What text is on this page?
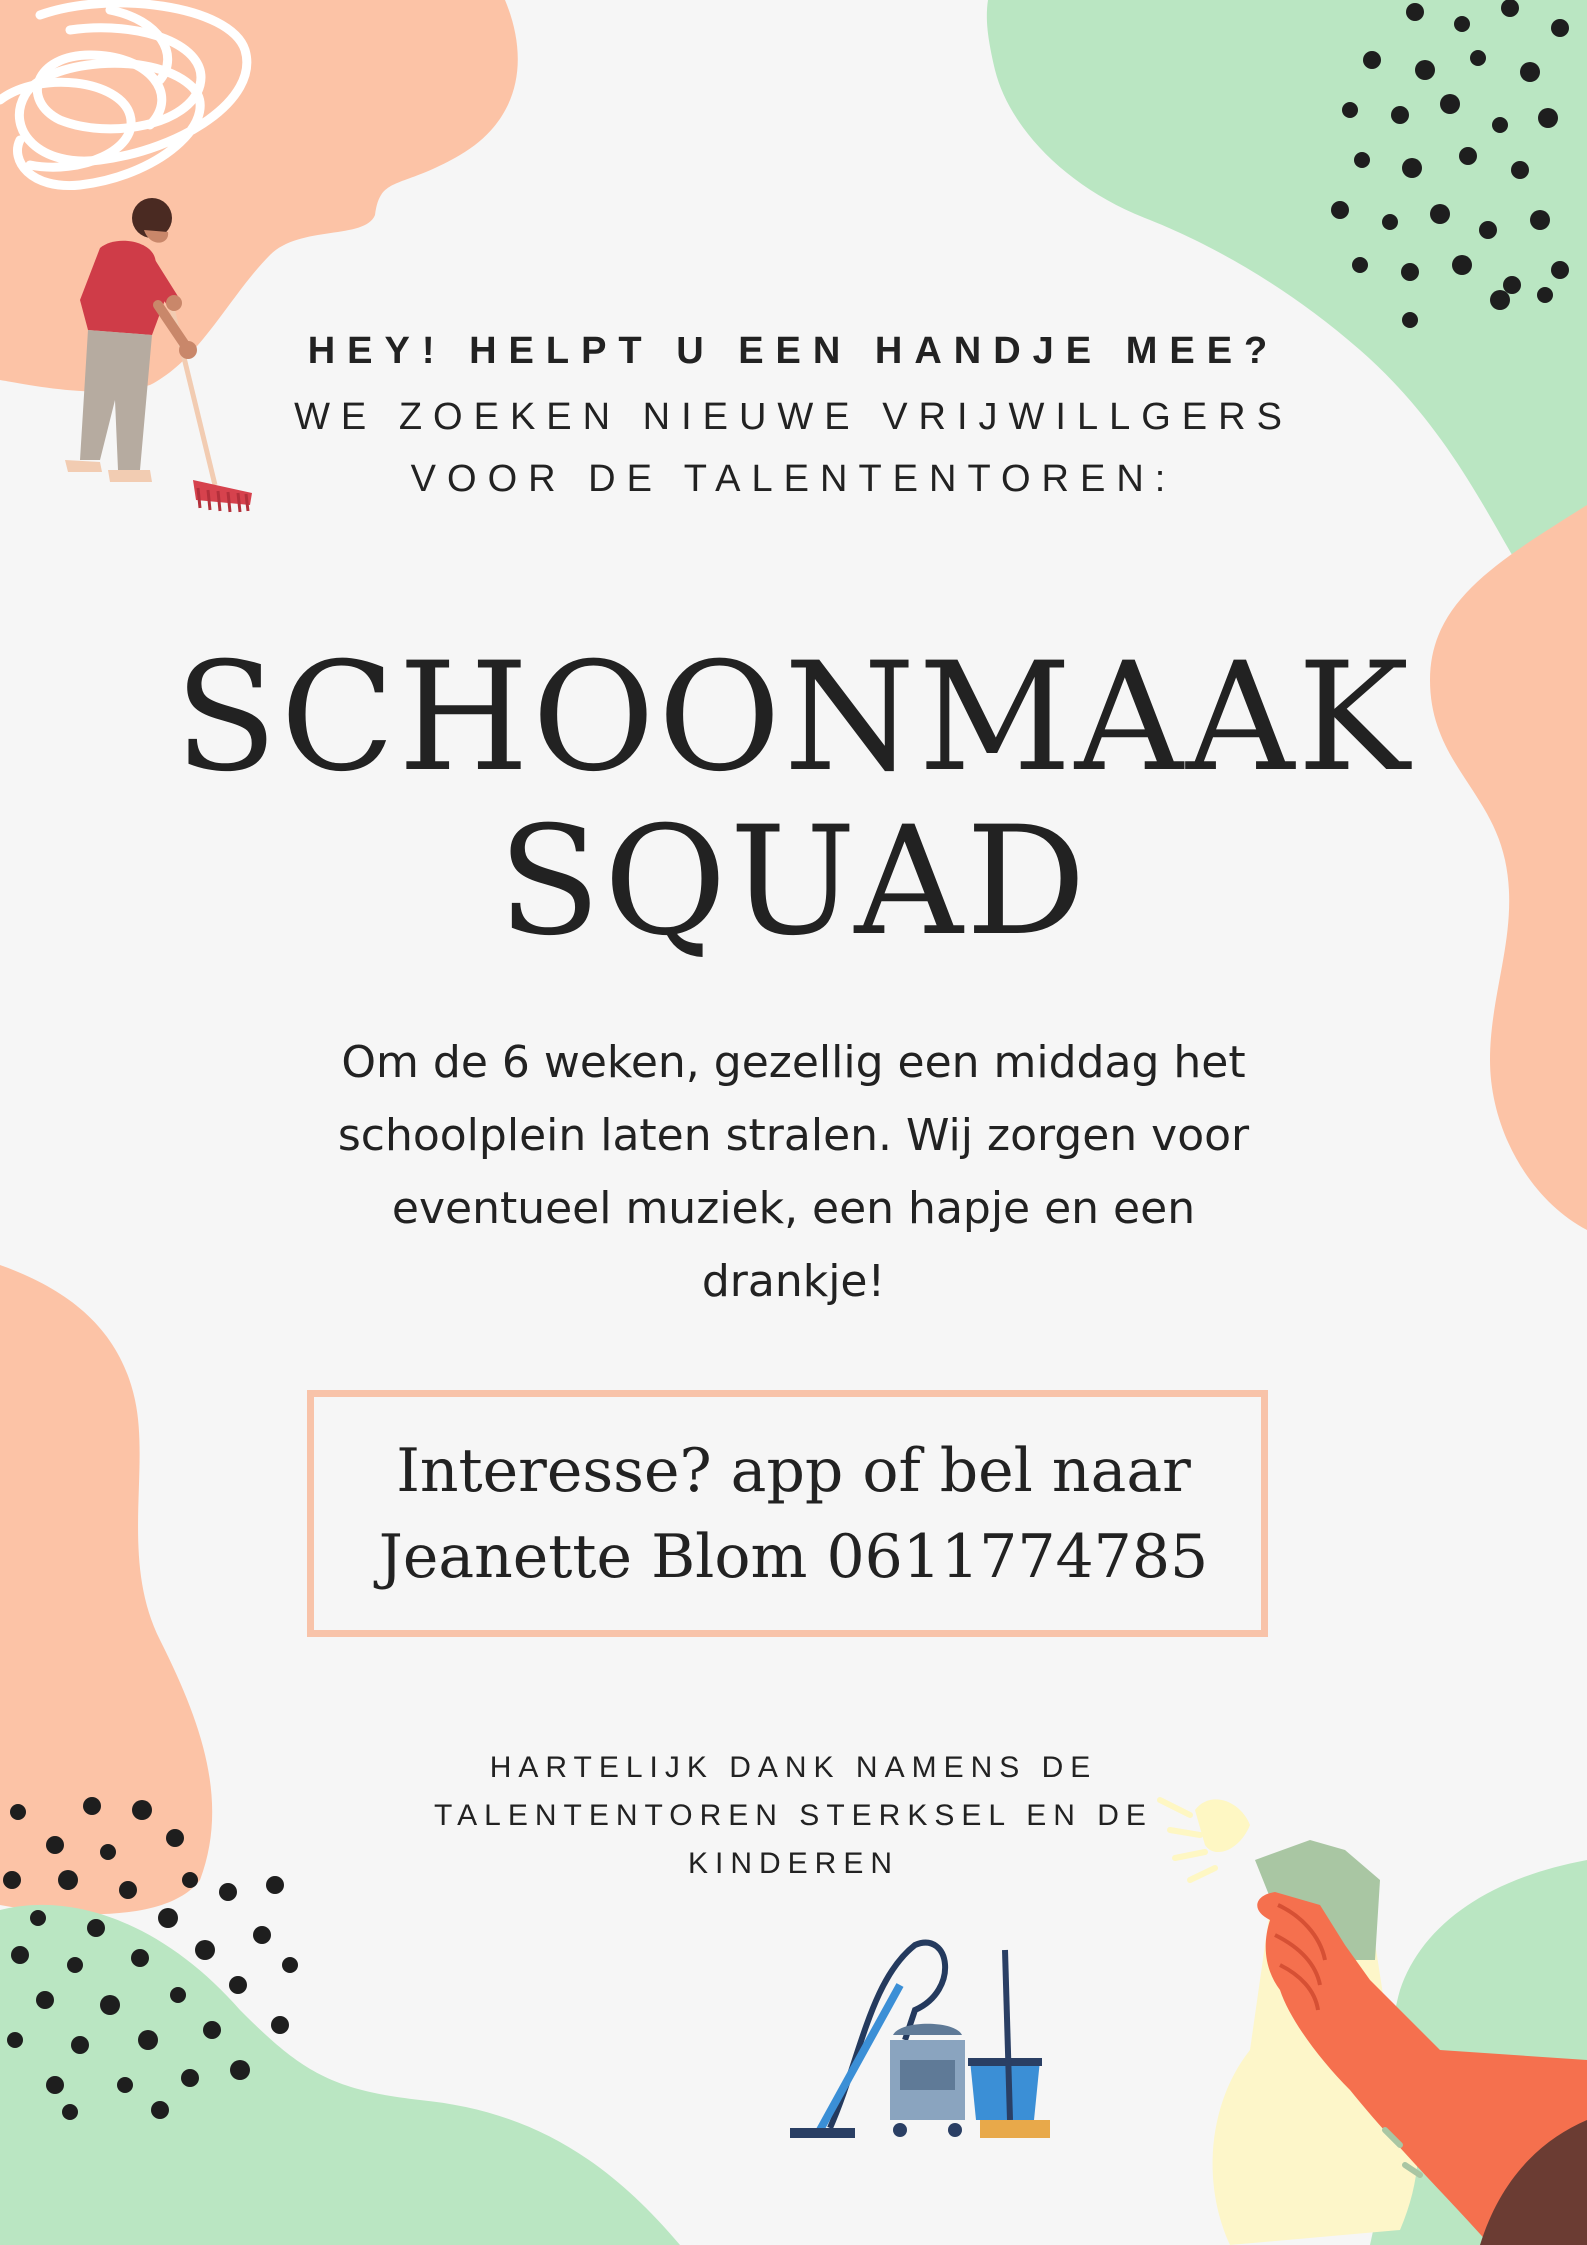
HEY! HELPT U EEN HANDJE MEE?
WE ZOEKEN NIEUWE VRIJWILLGERS
VOOR DE TALENTENTOREN:
SCHOONMAAK
SQUAD
Om de 6 weken, gezellig een middag het
schoolplein laten stralen. Wij zorgen voor
eventueel muziek, een hapje en een
drankje!
Interesse? app of bel naar
Jeanette Blom 0611774785
HARTELIJK DANK NAMENS DE
TALENTENTOREN STERKSEL EN DE
KINDEREN
